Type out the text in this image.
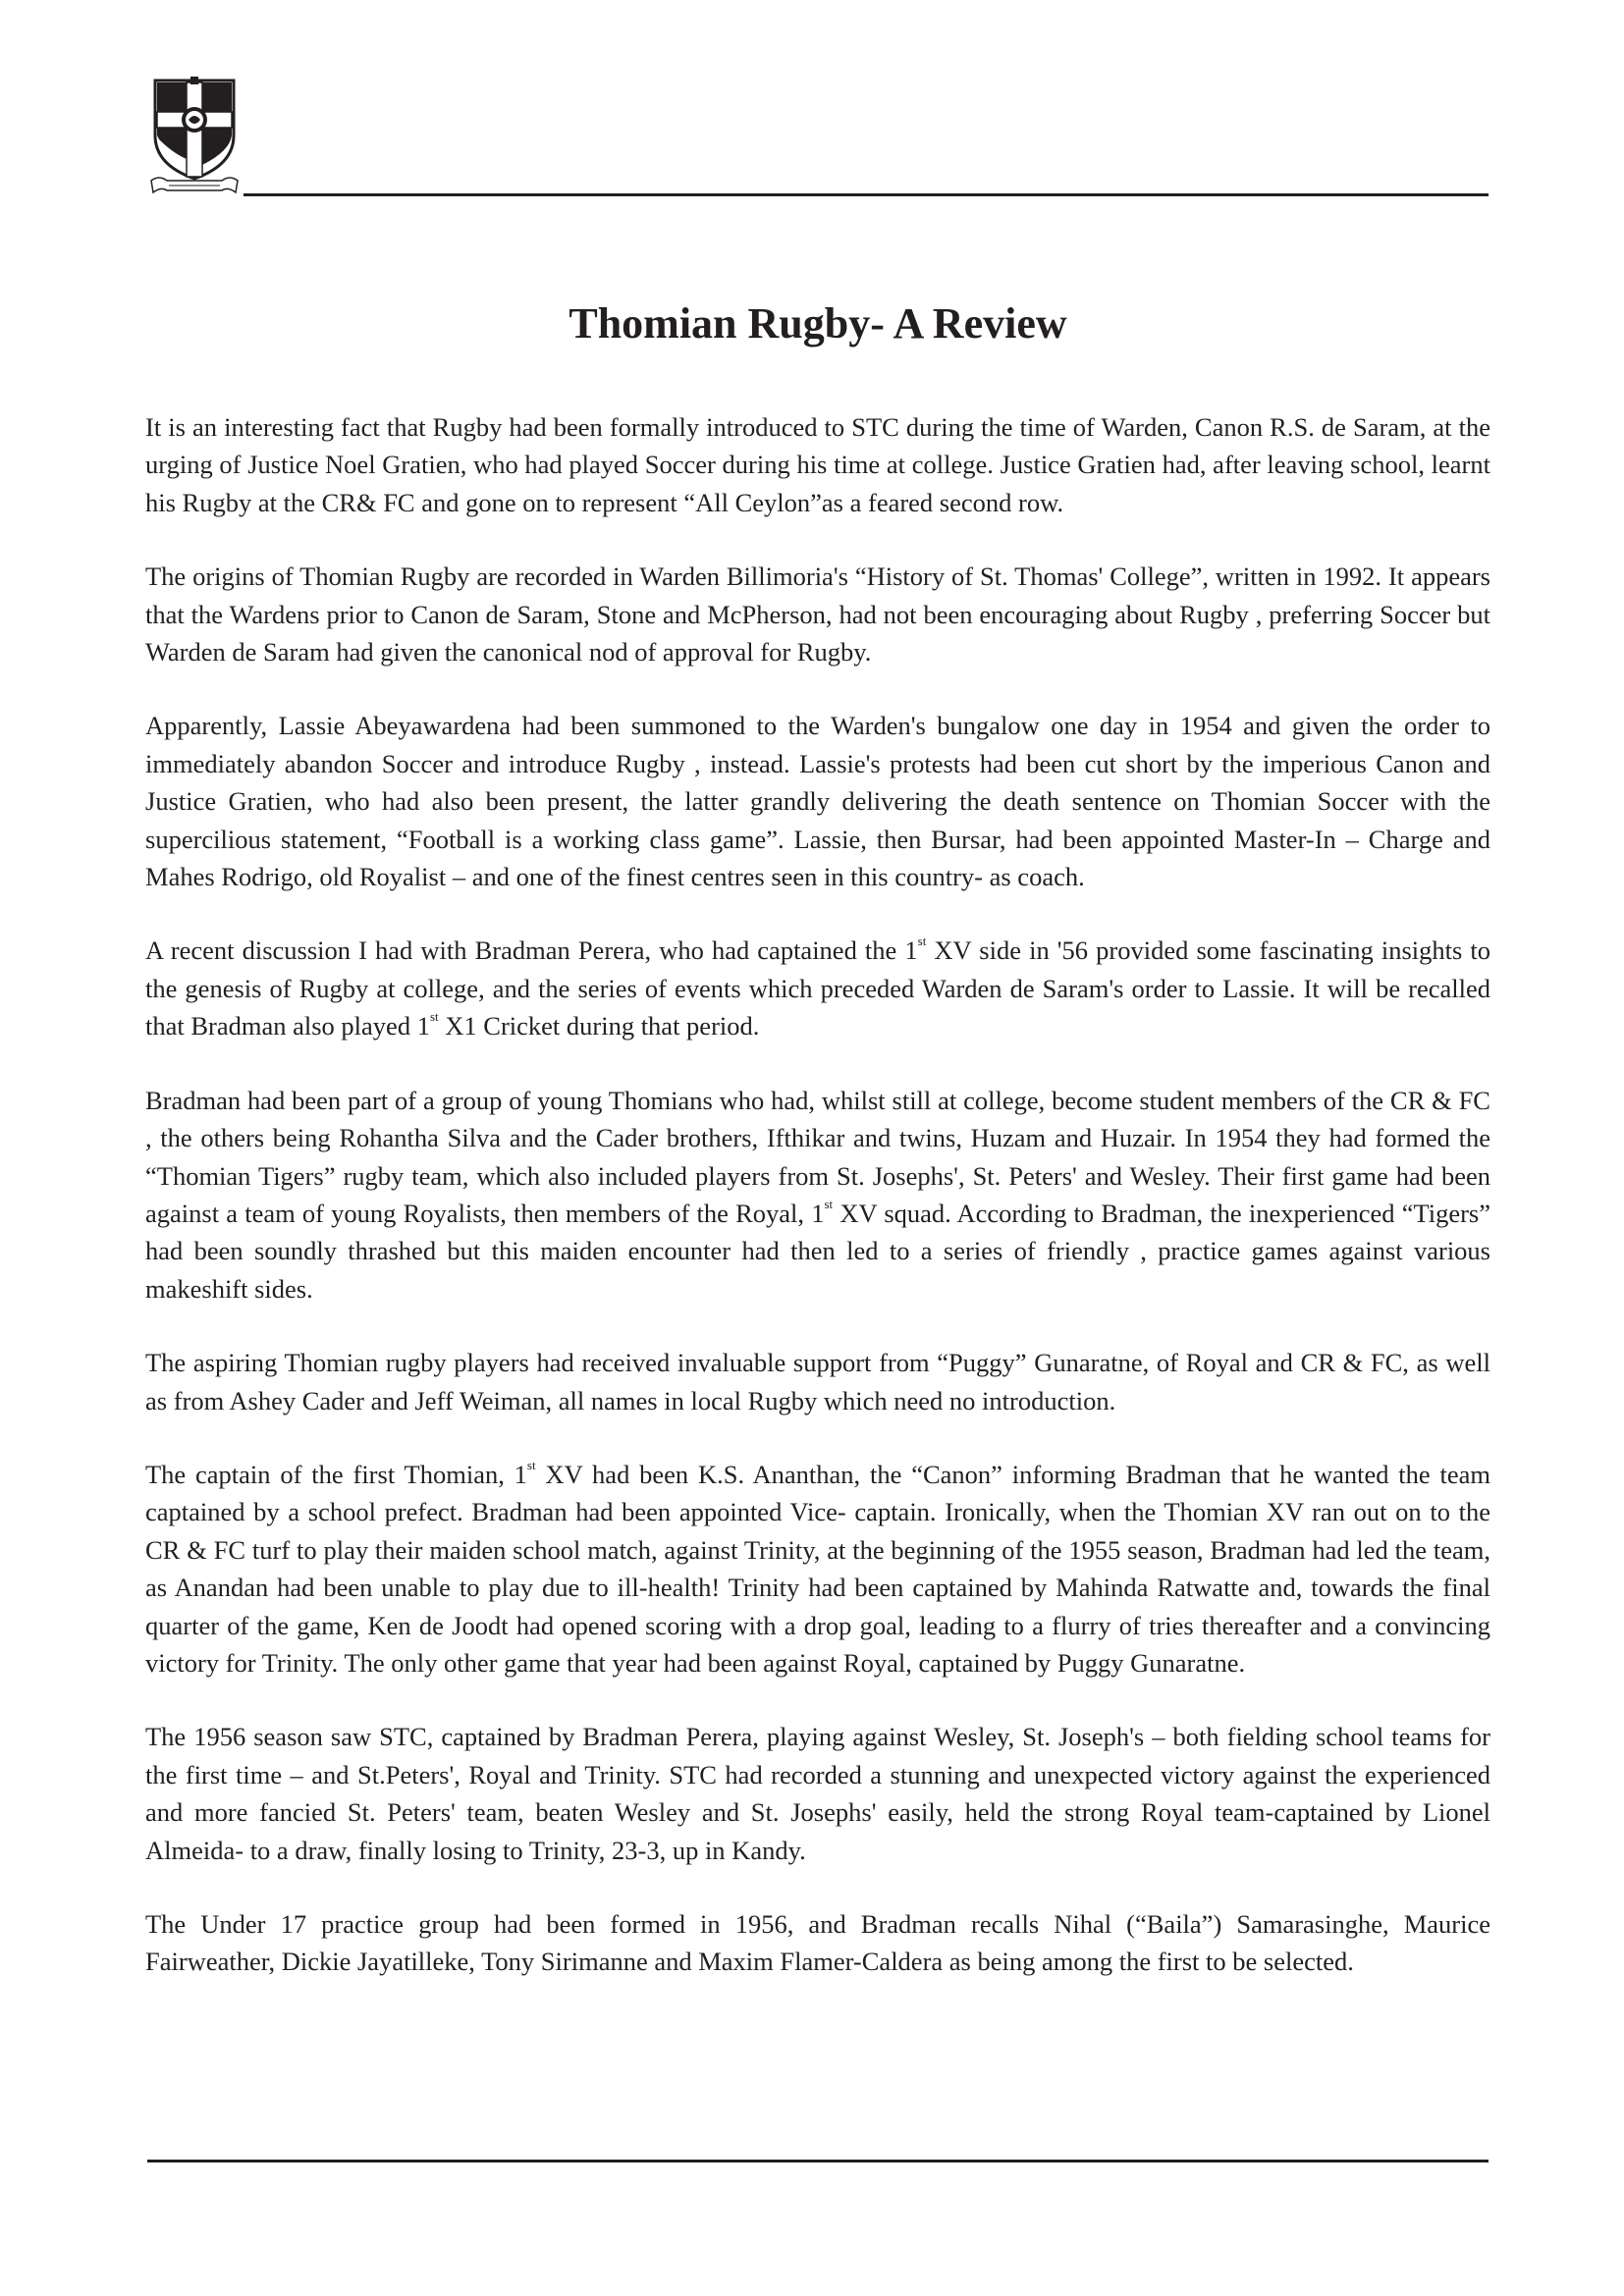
Thomian Rugby- A Review

It is an interesting fact that Rugby had been formally introduced to STC during the time of Warden, Canon R.S. de Saram, at the urging of Justice Noel Gratien, who had played Soccer during his time at college. Justice Gratien had, after leaving school, learnt his Rugby at the CR& FC and gone on to represent “All Ceylon”as a feared second row.

The origins of Thomian Rugby are recorded in Warden Billimoria's “History of St. Thomas' College”, written in 1992. It appears that the Wardens prior to Canon de Saram, Stone and McPherson, had not been encouraging about Rugby , preferring Soccer but Warden de Saram had given the canonical nod of approval for Rugby.

Apparently, Lassie Abeyawardena had been summoned to the Warden's bungalow one day in 1954 and given the order to immediately abandon Soccer and introduce Rugby , instead. Lassie's protests had been cut short by the imperious Canon and Justice Gratien, who had also been present, the latter grandly delivering the death sentence on Thomian Soccer with the supercilious statement, “Football is a working class game”. Lassie, then Bursar, had been appointed Master-In – Charge and Mahes Rodrigo, old Royalist – and one of the finest centres seen in this country- as coach.

A recent discussion I had with Bradman Perera, who had captained the 1st XV side in '56 provided some fascinating insights to the genesis of Rugby at college, and the series of events which preceded Warden de Saram's order to Lassie. It will be recalled that Bradman also played 1st X1 Cricket during that period.

Bradman had been part of a group of young Thomians who had, whilst still at college, become student members of the CR & FC , the others being Rohantha Silva and the Cader brothers, Ifthikar and twins, Huzam and Huzair. In 1954 they had formed the “Thomian Tigers” rugby team, which also included players from St. Josephs', St. Peters' and Wesley. Their first game had been against a team of young Royalists, then members of the Royal, 1st XV squad. According to Bradman, the inexperienced “Tigers” had been soundly thrashed but this maiden encounter had then led to a series of friendly , practice games against various makeshift sides.

The aspiring Thomian rugby players had received invaluable support from “Puggy” Gunaratne, of Royal and CR & FC, as well as from Ashey Cader and Jeff Weiman, all names in local Rugby which need no introduction.

The captain of the first Thomian, 1st XV had been K.S. Ananthan, the “Canon” informing Bradman that he wanted the team captained by a school prefect. Bradman had been appointed Vice- captain. Ironically, when the Thomian XV ran out on to the CR & FC turf to play their maiden school match, against Trinity, at the beginning of the 1955 season, Bradman had led the team, as Anandan had been unable to play due to ill-health! Trinity had been captained by Mahinda Ratwatte and, towards the final quarter of the game, Ken de Joodt had opened scoring with a drop goal, leading to a flurry of tries thereafter and a convincing victory for Trinity. The only other game that year had been against Royal, captained by Puggy Gunaratne.

The 1956 season saw STC, captained by Bradman Perera, playing against Wesley, St. Joseph's – both fielding school teams for the first time – and St.Peters', Royal and Trinity. STC had recorded a stunning and unexpected victory against the experienced and more fancied St. Peters' team, beaten Wesley and St. Josephs' easily, held the strong Royal team-captained by Lionel Almeida- to a draw, finally losing to Trinity, 23-3, up in Kandy.

The Under 17 practice group had been formed in 1956, and Bradman recalls Nihal (“Baila”) Samarasinghe, Maurice Fairweather, Dickie Jayatilleke, Tony Sirimanne and Maxim Flamer-Caldera as being among the first to be selected.
